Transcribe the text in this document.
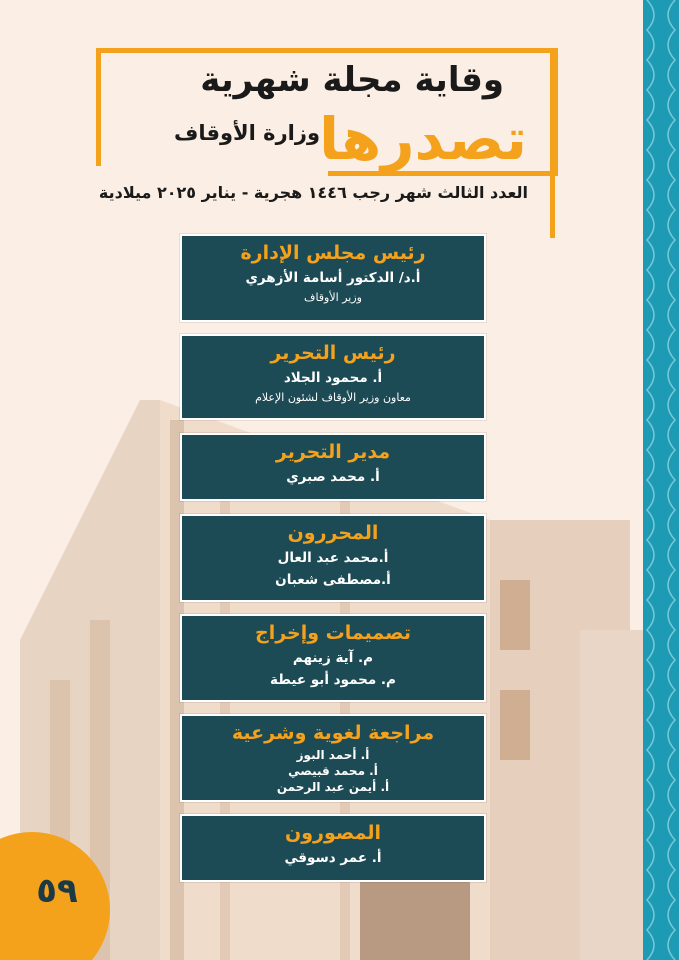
وقاية مجلة شهرية
تصدرها
وزارة الأوقاف
العدد الثالث شهر رجب ١٤٤٦ هجرية - يناير ٢٠٢٥ ميلادية
رئيس مجلس الإدارة
أ.د/ الدكتور أسامة الأزهري
وزير الأوقاف
رئيس التحرير
أ. محمود الجلاد
معاون وزير الأوقاف لشئون الإعلام
مدير التحرير
أ. محمد صبري
المحررون
أ.محمد عبد العال
أ.مصطفى شعبان
تصميمات وإخراج
م. آية زينهم
م. محمود أبو عيطة
مراجعة لغوية وشرعية
أ. أحمد البوز
أ. محمد قبيصي
أ. أيمن عبد الرحمن
المصورون
أ. عمر دسوقي
٥٩
